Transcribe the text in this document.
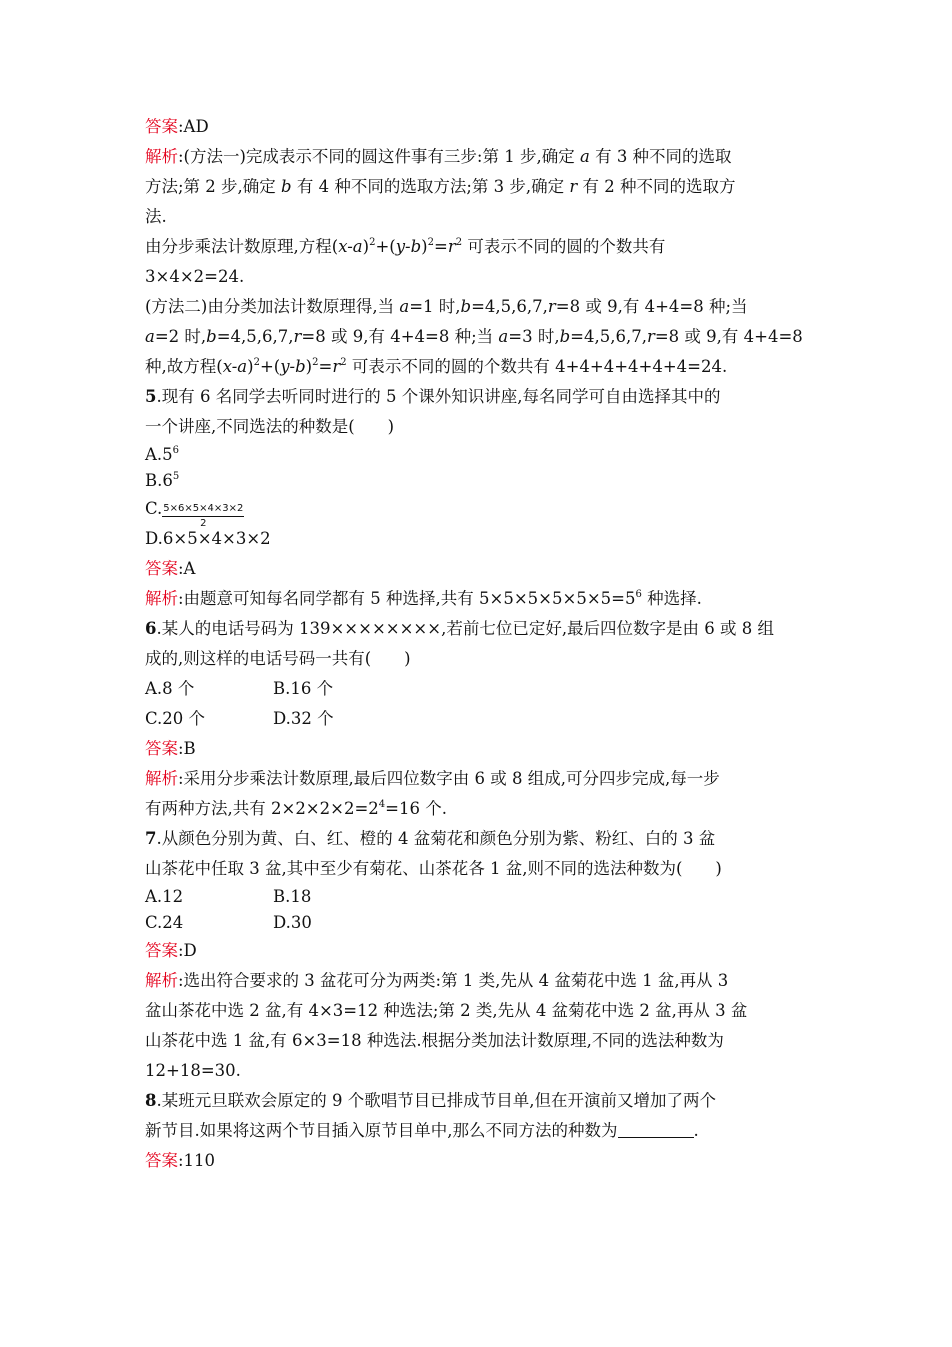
答案:AD
解析:(方法一)完成表示不同的圆这件事有三步:第 1 步,确定 a 有 3 种不同的选取
方法;第 2 步,确定 b 有 4 种不同的选取方法;第 3 步,确定 r 有 2 种不同的选取方
法.
由分步乘法计数原理,方程$(x-a)^2+(y-b)^2=r^2$ 可表示不同的圆的个数共有
3×4×2=24.
(方法二)由分类加法计数原理得,当 a=1 时,b=4,5,6,7,r=8 或 9,有 4+4=8 种;当
a=2 时,b=4,5,6,7,r=8 或 9,有 4+4=8 种;当 a=3 时,b=4,5,6,7,r=8 或 9,有 4+4=8
种,故方程$(x-a)^2+(y-b)^2=r^2$ 可表示不同的圆的个数共有 4+4+4+4+4+4=24.
5.现有 6 名同学去听同时进行的 5 个课外知识讲座,每名同学可自由选择其中的
一个讲座,不同选法的种数是(　　)
$A.5^6$
$B.6^5$
C. $\frac{5\times 6\times 5\times 4\times 3\times 2}{2}$
D.6×5×4×3×2
答案:A
解析:由题意可知每名同学都有 5 种选择,共有 $5\times 5\times 5\times 5\times 5\times 5=5^6$ 种选择.
6.某人的电话号码为 139××××××××,若前七位已定好,最后四位数字是由 6 或 8 组
成的,则这样的电话号码一共有(　　)
A.8 个	B.16 个
C.20 个	D.32 个
答案:B
解析:采用分步乘法计数原理,最后四位数字由 6 或 8 组成,可分四步完成,每一步
有两种方法,共有 $2\times 2\times 2\times 2=2^4=16$ 个.
7.从颜色分别为黄、白、红、橙的 4 盆菊花和颜色分别为紫、粉红、白的 3 盆
山茶花中任取 3 盆,其中至少有菊花、山茶花各 1 盆,则不同的选法种数为(　　)
A.12	B.18
C.24	D.30
答案:D
解析:选出符合要求的 3 盆花可分为两类:第 1 类,先从 4 盆菊花中选 1 盆,再从 3
盆山茶花中选 2 盆,有 4×3=12 种选法;第 2 类,先从 4 盆菊花中选 2 盆,再从 3 盆
山茶花中选 1 盆,有 6×3=18 种选法.根据分类加法计数原理,不同的选法种数为
12+18=30.
8.某班元旦联欢会原定的 9 个歌唱节目已排成节目单,但在开演前又增加了两个
新节目.如果将这两个节目插入原节目单中,那么不同方法的种数为	.
答案:110
